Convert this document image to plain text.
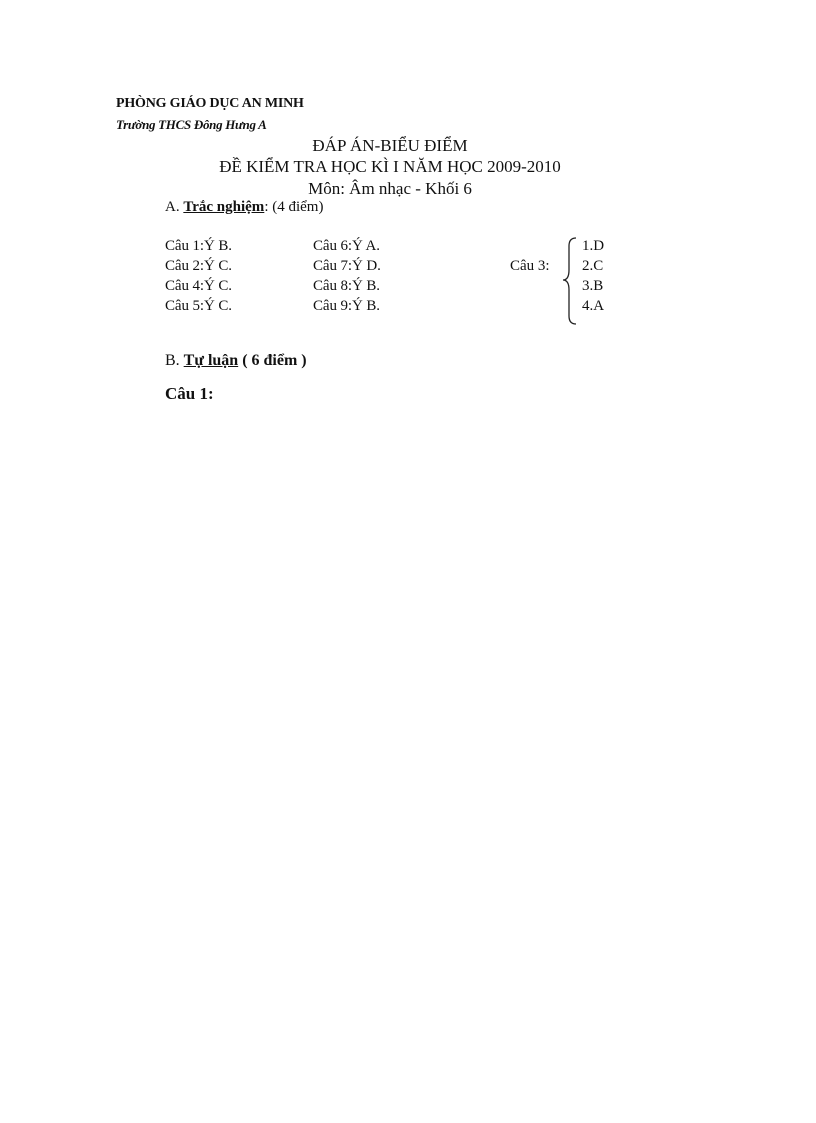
PHÒNG GIÁO DỤC AN MINH
Trường THCS Đông Hưng A
ĐÁP ÁN-BIỂU ĐIỂM
ĐỀ KIỂM TRA HỌC KÌ I NĂM HỌC 2009-2010
Môn: Âm nhạc - Khối 6
A. Trắc nghiệm: (4 điểm)
Câu 1:Ý B.
Câu 2:Ý C.
Câu 4:Ý C.
Câu 5:Ý C.
Câu 6:Ý A.
Câu 7:Ý D.
Câu 8:Ý B.
Câu 9:Ý B.
Câu 3:
1.D
2.C
3.B
4.A
B. Tự luận ( 6 điểm )
Câu 1:
